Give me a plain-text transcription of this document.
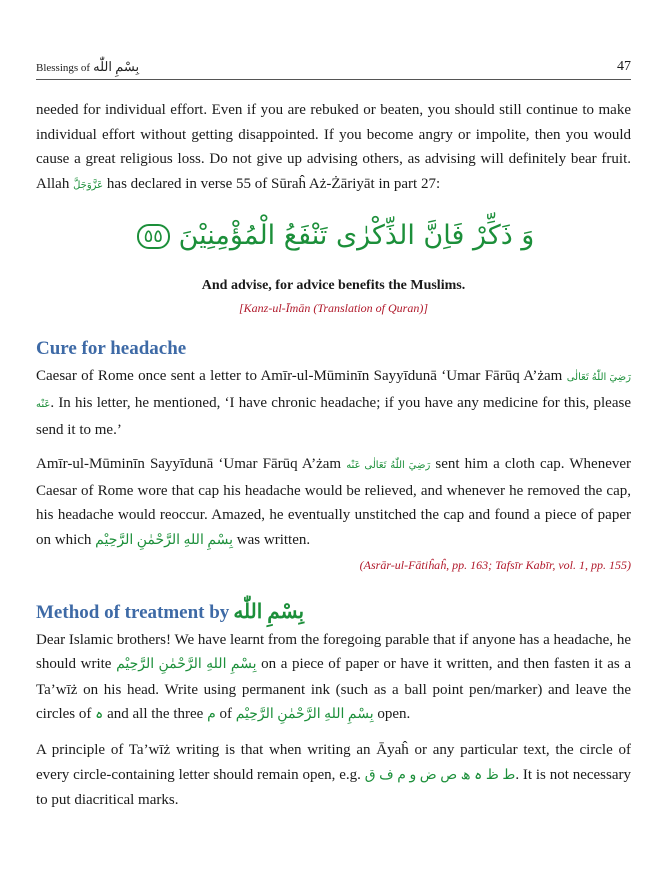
Blessings of بِسْمِ اللّٰه	47

needed for individual effort. Even if you are rebuked or beaten, you should still continue to make individual effort without getting disappointed. If you become angry or impolite, then you would cause a great religious loss. Do not give up advising others, as advising will definitely bear fruit. Allah عَزَّوَجَلَّ has declared in verse 55 of Sūraĥ Aż-Żāriyāt in part 27:

وَ ذَكِّرْ فَاِنَّ الذِّكْرٰى تَنْفَعُ الْمُؤْمِنِيْنَ ٥٥
And advise, for advice benefits the Muslims.
[Kanz-ul-Īmān (Translation of Quran)]
Cure for headache

Caesar of Rome once sent a letter to Amīr-ul-Mūminīn Sayyīdunā ‘Umar Fārūq A’żam رَضِيَ اللّٰهُ تَعَالٰى عَنْه. In his letter, he mentioned, ‘I have chronic headache; if you have any medicine for this, please send it to me.’

Amīr-ul-Mūminīn Sayyīdunā ‘Umar Fārūq A’żam رَضِيَ اللّٰهُ تَعَالٰى عَنْه sent him a cloth cap. Whenever Caesar of Rome wore that cap his headache would be relieved, and whenever he removed the cap, his headache would reoccur. Amazed, he eventually unstitched the cap and found a piece of paper on which بِسْمِ اللهِ الرَّحْمٰنِ الرَّحِيْم was written.

(Asrār-ul-Fātiĥaĥ, pp. 163; Tafsīr Kabīr, vol. 1, pp. 155)
Method of treatment by بِسْمِ اللّٰه

Dear Islamic brothers! We have learnt from the foregoing parable that if anyone has a headache, he should write بِسْمِ اللهِ الرَّحْمٰنِ الرَّحِيْم on a piece of paper or have it written, and then fasten it as a Ta’wīż on his head. Write using permanent ink (such as a ball point pen/marker) and leave the circles of ہ and all the three م of بِسْمِ اللهِ الرَّحْمٰنِ الرَّحِيْم open.

A principle of Ta’wīż writing is that when writing an Āyaĥ or any particular text, the circle of every circle-containing letter should remain open, e.g. ط ظ ہ ھ ص ض و م ف ق. It is not necessary to put diacritical marks.
